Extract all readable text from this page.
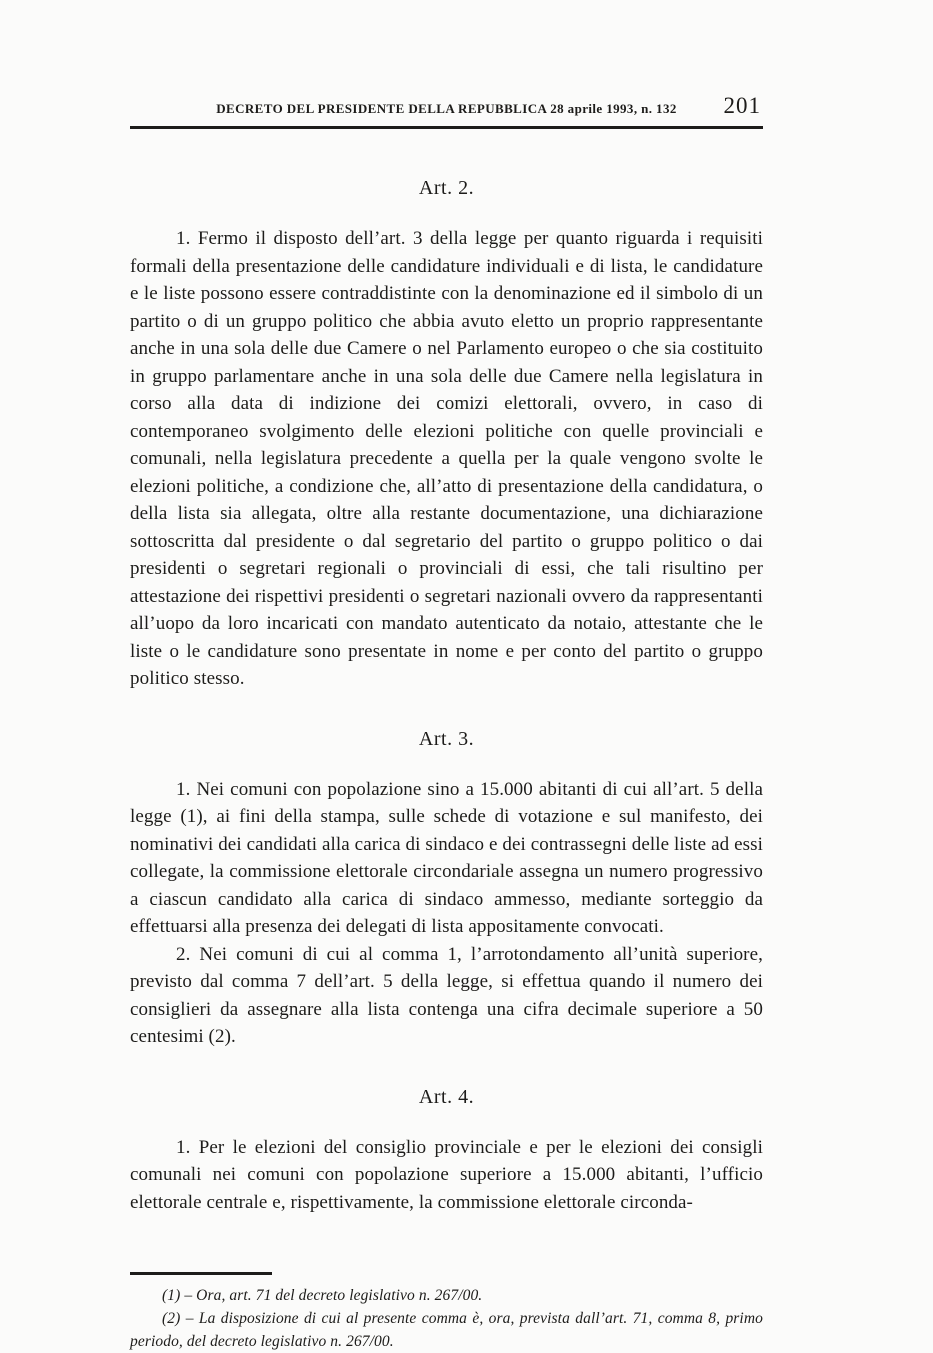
DECRETO DEL PRESIDENTE DELLA REPUBBLICA 28 aprile 1993, n. 132	201
Art. 2.

1. Fermo il disposto dell’art. 3 della legge per quanto riguarda i requisiti formali della presentazione delle candidature individuali e di lista, le candidature e le liste possono essere contraddistinte con la denominazione ed il simbolo di un partito o di un gruppo politico che abbia avuto eletto un proprio rappresentante anche in una sola delle due Camere o nel Parlamento europeo o che sia costituito in gruppo parlamentare anche in una sola delle due Camere nella legislatura in corso alla data di indizione dei comizi elettorali, ovvero, in caso di contemporaneo svolgimento delle elezioni politiche con quelle provinciali e comunali, nella legislatura precedente a quella per la quale vengono svolte le elezioni politiche, a condizione che, all’atto di presentazione della candidatura, o della lista sia allegata, oltre alla restante documentazione, una dichiarazione sottoscritta dal presidente o dal segretario del partito o gruppo politico o dai presidenti o segretari regionali o provinciali di essi, che tali risultino per attestazione dei rispettivi presidenti o segretari nazionali ovvero da rappresentanti all’uopo da loro incaricati con mandato autenticato da notaio, attestante che le liste o le candidature sono presentate in nome e per conto del partito o gruppo politico stesso.

Art. 3.

1. Nei comuni con popolazione sino a 15.000 abitanti di cui all’art. 5 della legge (1), ai fini della stampa, sulle schede di votazione e sul manifesto, dei nominativi dei candidati alla carica di sindaco e dei contrassegni delle liste ad essi collegate, la commissione elettorale circondariale assegna un numero progressivo a ciascun candidato alla carica di sindaco ammesso, mediante sorteggio da effettuarsi alla presenza dei delegati di lista appositamente convocati.

2. Nei comuni di cui al comma 1, l’arrotondamento all’unità superiore, previsto dal comma 7 dell’art. 5 della legge, si effettua quando il numero dei consiglieri da assegnare alla lista contenga una cifra decimale superiore a 50 centesimi (2).

Art. 4.

1. Per le elezioni del consiglio provinciale e per le elezioni dei consigli comunali nei comuni con popolazione superiore a 15.000 abitanti, l’ufficio elettorale centrale e, rispettivamente, la commissione elettorale circonda-

(1) – Ora, art. 71 del decreto legislativo n. 267/00.

(2) – La disposizione di cui al presente comma è, ora, prevista dall’art. 71, comma 8, primo periodo, del decreto legislativo n. 267/00.
